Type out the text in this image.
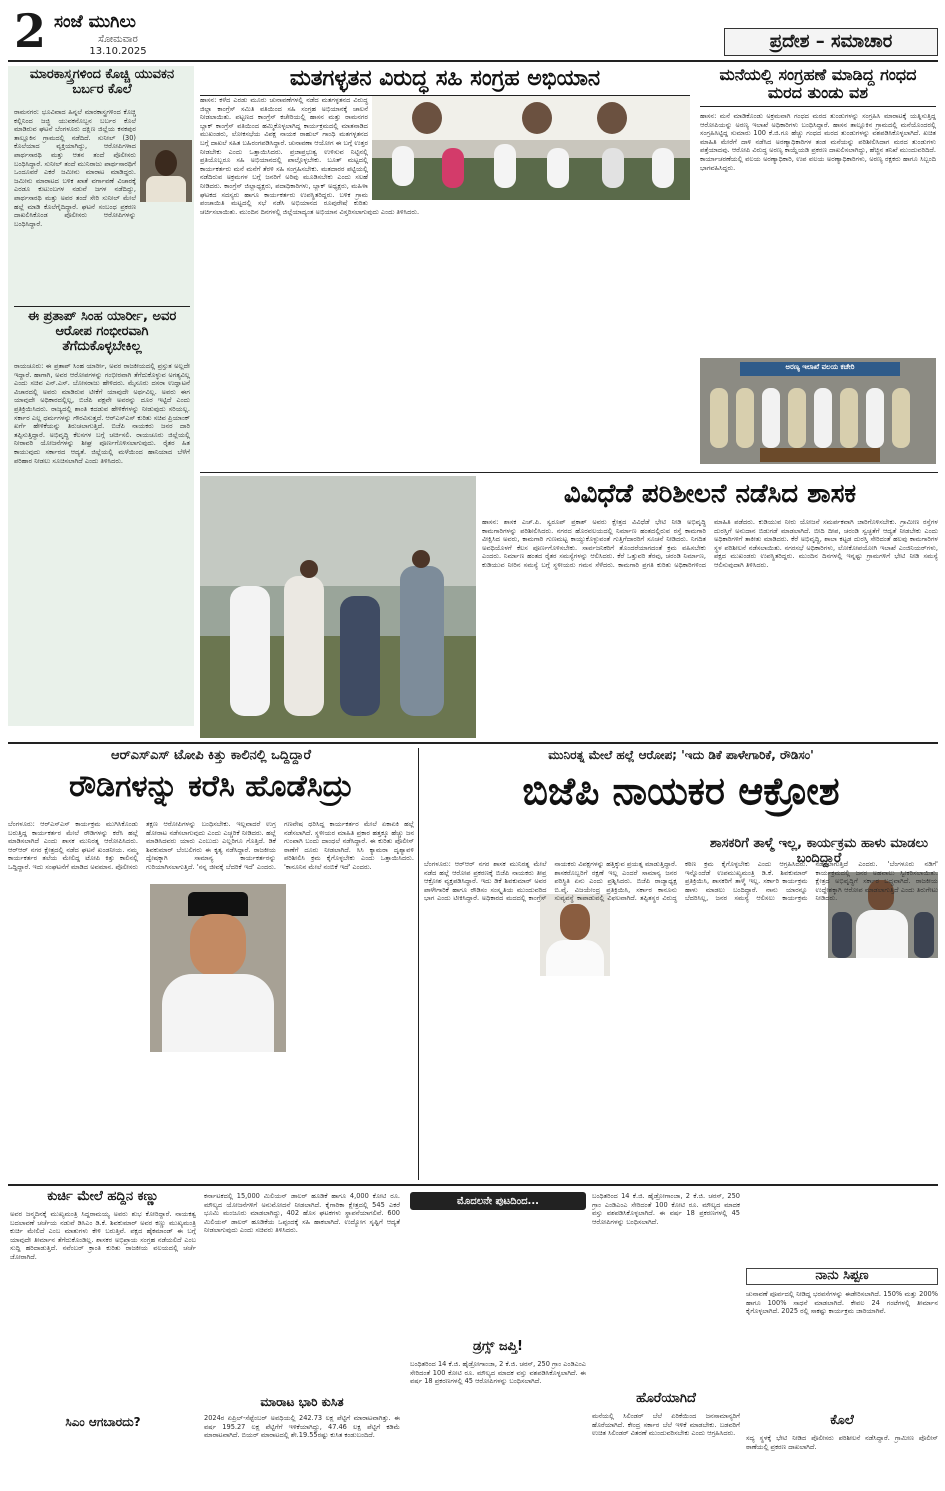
2 ಸಂಜೆ ಮುಗಿಲು
ಸೋಮವಾರ
13.10.2025	ಪ್ರದೇಶ – ಸಮಾಚಾರ
ಮಾರಕಾಸ್ತ್ರಗಳಿಂದ ಕೊಚ್ಚಿ ಯುವಕನ ಬರ್ಬರ ಕೊಲೆ
ರಾಮನಗರ: ಭೂವಿವಾದ ಹಿನ್ನಲೆ ಮಾರಕಾಸ್ತ್ರಗಳಿಂದ ಕೊಚ್ಚಿ ಕಲ್ಲಿನಿಂದ ಜಜ್ಜಿ ಯುವಕನೊಬ್ಬನ ಬರ್ಬರ ಕೊಲೆ ಮಾಡಿರುವ ಘಟನೆ ಬೆಂಗಳೂರು ದಕ್ಷಿಣ ಜಿಲ್ಲೆಯ ಕನಕಪುರ ತಾಲ್ಲೂಕಿನ ಗ್ರಾಮದಲ್ಲಿ ನಡೆದಿದೆ. ಸುನೀಲ್ (30) ಕೊಲೆಯಾದ ವ್ಯಕ್ತಿಯಾಗಿದ್ದು, ಆರೋಪಿಗಳಾದ ಪಾರ್ಥಸಾರಥಿ ಮತ್ತು ಆತನ ತಂದೆ ಪೊಲೀಸರು ಬಂಧಿಸಿದ್ದಾರೆ. ಸುನೀಲ್ ತಂದೆ ಮುನಿರಾಜು ಪಾರ್ಥಸಾರಥಿಗೆ ಒಂದೂವರೆ ಎಕರೆ ಜಮೀನು ಮಾರಾಟ ಮಾಡಿದ್ದರು. ಜಮೀನು ಮಾರಾಟದ ಬಳಿಕ ಖಾತೆ ವರ್ಗಾವಣೆ ವಿಚಾರಕ್ಕೆ ಎರಡೂ ಕುಟುಂಬಗಳ ನಡುವೆ ಜಗಳ ನಡೆದಿದ್ದು, ಪಾರ್ಥಸಾರಥಿ ಮತ್ತು ಅವರ ತಂದೆ ಸೇರಿ ಸುನೀಲ್ ಮೇಲೆ ಹಲ್ಲೆ ಮಾಡಿ ಕೊಲೆಗೈದಿದ್ದಾರೆ. ಘಟನೆ ಸಂಬಂಧ ಪ್ರಕರಣ ದಾಖಲಿಸಿಕೊಂಡ ಪೊಲೀಸರು ಆರೋಪಿಗಳನ್ನು ಬಂಧಿಸಿದ್ದಾರೆ.
ಈ ಪ್ರತಾಪ್ ಸಿಂಹ ಯಾರ್ರೀ, ಅವರ ಆರೋಪ ಗಂಭೀರವಾಗಿ ತೆಗೆದುಕೊಳ್ಳಬೇಕಿಲ್ಲ
ರಾಯಚೂರು: ಈ ಪ್ರತಾಪ್ ಸಿಂಹ ಯಾರ್ರೀ, ಅವರ ರಾಜಕೀಯದಲ್ಲಿ ಪ್ರಸ್ತುತ ಅಲ್ಲದೇ ಇದ್ದಾರೆ. ಹಾಗಾಗಿ, ಅವರ ಆರೋಪಗಳನ್ನು ಗಂಭೀರವಾಗಿ ತೆಗೆದುಕೊಳ್ಳುವ ಅಗತ್ಯವಿಲ್ಲ ಎಂದು ಸಚಿವ ಎನ್.ಎಸ್. ಬೋಸರಾಜು ಹೇಳಿದರು. ಮೈಸೂರು ದಸರಾ ಉದ್ಘಾಟನೆ ವಿಚಾರದಲ್ಲಿ ಅವರು ಮಾಡಿರುವ ಟೀಕೆಗೆ ಯಾವುದೇ ಅರ್ಥವಿಲ್ಲ. ಅವರು ಈಗ ಯಾವುದೇ ಅಧಿಕಾರದಲ್ಲಿಲ್ಲ, ಬಿಜೆಪಿ ಪಕ್ಷವೇ ಅವರನ್ನು ದೂರ ಇಟ್ಟಿದೆ ಎಂದು ಪ್ರತಿಕ್ರಿಯಿಸಿದರು. ರಾಜ್ಯದಲ್ಲಿ ಶಾಂತಿ ಕದಡುವ ಹೇಳಿಕೆಗಳನ್ನು ನೀಡುವುದು ಸರಿಯಲ್ಲ. ಸರ್ಕಾರ ಎಲ್ಲ ಧರ್ಮಗಳನ್ನು ಗೌರವಿಸುತ್ತದೆ. ಆರ್‌ಎಸ್‌ಎಸ್ ಕುರಿತು ಸಚಿವ ಪ್ರಿಯಾಂಕ್ ಖರ್ಗೆ ಹೇಳಿಕೆಯನ್ನು ತಿರುಚಲಾಗುತ್ತಿದೆ. ಬಿಜೆಪಿ ನಾಯಕರು ಜನರ ದಾರಿ ತಪ್ಪಿಸುತ್ತಿದ್ದಾರೆ. ಅಭಿವೃದ್ಧಿ ಕೆಲಸಗಳ ಬಗ್ಗೆ ಚರ್ಚಿಸಲಿ. ರಾಯಚೂರು ಜಿಲ್ಲೆಯಲ್ಲಿ ನೀರಾವರಿ ಯೋಜನೆಗಳನ್ನು ಶೀಘ್ರ ಪೂರ್ಣಗೊಳಿಸಲಾಗುವುದು. ರೈತರ ಹಿತ ಕಾಯುವುದು ಸರ್ಕಾರದ ಆದ್ಯತೆ. ಜಿಲ್ಲೆಯಲ್ಲಿ ಮಳೆಯಿಂದ ಹಾನಿಯಾದ ಬೆಳೆಗೆ ಪರಿಹಾರ ನೀಡಲು ಸೂಚಿಸಲಾಗಿದೆ ಎಂದು ತಿಳಿಸಿದರು.
ಮತಗಳ್ಳತನ ವಿರುದ್ಧ ಸಹಿ ಸಂಗ್ರಹ ಅಭಿಯಾನ
ಹಾಸನ: ಕಳೆದ ಎರಡು ಮೂರು ಚುನಾವಣೆಗಳಲ್ಲಿ ನಡೆದ ಮತಗಳ್ಳತನದ ವಿರುದ್ಧ ಜಿಲ್ಲಾ ಕಾಂಗ್ರೆಸ್ ಸಮಿತಿ ವತಿಯಿಂದ ಸಹಿ ಸಂಗ್ರಹ ಅಭಿಯಾನಕ್ಕೆ ಚಾಲನೆ ನೀಡಲಾಯಿತು. ಪಟ್ಟಣದ ಕಾಂಗ್ರೆಸ್ ಕಚೇರಿಯಲ್ಲಿ ಹಾಸನ ಮತ್ತು ರಾಮನಗರ ಬ್ಲಾಕ್ ಕಾಂಗ್ರೆಸ್ ವತಿಯಿಂದ ಹಮ್ಮಿಕೊಳ್ಳಲಾಗಿದ್ದ ಕಾರ್ಯಕ್ರಮದಲ್ಲಿ ಮಾತನಾಡಿದ ಮುಖಂಡರು, ಲೋಕಸಭೆಯ ವಿಪಕ್ಷ ನಾಯಕ ರಾಹುಲ್ ಗಾಂಧಿ ಮತಗಳ್ಳತನದ ಬಗ್ಗೆ ದಾಖಲೆ ಸಹಿತ ಬಹಿರಂಗಪಡಿಸಿದ್ದಾರೆ. ಚುನಾವಣಾ ಆಯೋಗ ಈ ಬಗ್ಗೆ ಉತ್ತರ ನೀಡಬೇಕು ಎಂದು ಒತ್ತಾಯಿಸಿದರು. ಪ್ರಜಾಪ್ರಭುತ್ವ ಉಳಿಸುವ ನಿಟ್ಟಿನಲ್ಲಿ ಪ್ರತಿಯೊಬ್ಬರೂ ಸಹಿ ಅಭಿಯಾನದಲ್ಲಿ ಪಾಲ್ಗೊಳ್ಳಬೇಕು. ಬೂತ್ ಮಟ್ಟದಲ್ಲಿ ಕಾರ್ಯಕರ್ತರು ಮನೆ ಮನೆಗೆ ತೆರಳಿ ಸಹಿ ಸಂಗ್ರಹಿಸಬೇಕು. ಮತದಾರರ ಪಟ್ಟಿಯಲ್ಲಿ ನಡೆದಿರುವ ಅಕ್ರಮಗಳ ಬಗ್ಗೆ ಜನರಿಗೆ ಅರಿವು ಮೂಡಿಸಬೇಕು ಎಂದು ಸಲಹೆ ನೀಡಿದರು. ಕಾಂಗ್ರೆಸ್ ಜಿಲ್ಲಾಧ್ಯಕ್ಷರು, ಪದಾಧಿಕಾರಿಗಳು, ಬ್ಲಾಕ್ ಅಧ್ಯಕ್ಷರು, ಮಹಿಳಾ ಘಟಕದ ಸದಸ್ಯರು ಹಾಗೂ ಕಾರ್ಯಕರ್ತರು ಉಪಸ್ಥಿತರಿದ್ದರು. ಬಳಿಕ ಗ್ರಾಮ ಪಂಚಾಯಿತಿ ಮಟ್ಟದಲ್ಲಿ ಸಭೆ ನಡೆಸಿ ಅಭಿಯಾನದ ರೂಪುರೇಷೆ ಕುರಿತು ಚರ್ಚಿಸಲಾಯಿತು. ಮುಂದಿನ ದಿನಗಳಲ್ಲಿ ಜಿಲ್ಲೆಯಾದ್ಯಂತ ಅಭಿಯಾನ ವಿಸ್ತರಿಸಲಾಗುವುದು ಎಂದು ತಿಳಿಸಿದರು.
ಮನೆಯಲ್ಲಿ ಸಂಗ್ರಹಣೆ ಮಾಡಿದ್ದ ಗಂಧದ ಮರದ ತುಂಡು ವಶ
ಹಾಸನ: ಮನೆ ಮಾಡಿಕೊಂಡು ಅಕ್ರಮವಾಗಿ ಗಂಧದ ಮರದ ತುಂಡುಗಳನ್ನು ಸಂಗ್ರಹಿಸಿ ಮಾರಾಟಕ್ಕೆ ಯತ್ನಿಸುತ್ತಿದ್ದ ಆರೋಪಿಯನ್ನು ಅರಣ್ಯ ಇಲಾಖೆ ಅಧಿಕಾರಿಗಳು ಬಂಧಿಸಿದ್ದಾರೆ. ಹಾಸನ ತಾಲ್ಲೂಕಿನ ಗ್ರಾಮದಲ್ಲಿ ಮನೆಯೊಂದರಲ್ಲಿ ಸಂಗ್ರಹಿಸಿಟ್ಟಿದ್ದ ಸುಮಾರು 100 ಕೆ.ಜಿ.ಗೂ ಹೆಚ್ಚು ಗಂಧದ ಮರದ ತುಂಡುಗಳನ್ನು ವಶಪಡಿಸಿಕೊಳ್ಳಲಾಗಿದೆ. ಖಚಿತ ಮಾಹಿತಿ ಮೇರೆಗೆ ದಾಳಿ ನಡೆಸಿದ ಅರಣ್ಯಾಧಿಕಾರಿಗಳ ತಂಡ ಮನೆಯನ್ನು ಪರಿಶೀಲಿಸಿದಾಗ ಮರದ ತುಂಡುಗಳು ಪತ್ತೆಯಾದವು. ಆರೋಪಿ ವಿರುದ್ಧ ಅರಣ್ಯ ಕಾಯ್ದೆಯಡಿ ಪ್ರಕರಣ ದಾಖಲಿಸಲಾಗಿದ್ದು, ಹೆಚ್ಚಿನ ತನಿಖೆ ಮುಂದುವರಿದಿದೆ. ಕಾರ್ಯಾಚರಣೆಯಲ್ಲಿ ವಲಯ ಅರಣ್ಯಾಧಿಕಾರಿ, ಉಪ ವಲಯ ಅರಣ್ಯಾಧಿಕಾರಿಗಳು, ಅರಣ್ಯ ರಕ್ಷಕರು ಹಾಗೂ ಸಿಬ್ಬಂದಿ ಭಾಗವಹಿಸಿದ್ದರು.
ಅರಣ್ಯ ಇಲಾಖೆ ವಲಯ ಕಚೇರಿ
ವಿವಿಧೆಡೆ ಪರಿಶೀಲನೆ ನಡೆಸಿದ ಶಾಸಕ
ಹಾಸನ: ಶಾಸಕ ಎಚ್.ಪಿ. ಸ್ವರೂಪ್ ಪ್ರಕಾಶ್ ಅವರು ಕ್ಷೇತ್ರದ ವಿವಿಧೆಡೆ ಭೇಟಿ ನೀಡಿ ಅಭಿವೃದ್ಧಿ ಕಾಮಗಾರಿಗಳನ್ನು ಪರಿಶೀಲಿಸಿದರು. ನಗರದ ಹೊರವಲಯದಲ್ಲಿ ನಿರ್ಮಾಣ ಹಂತದಲ್ಲಿರುವ ರಸ್ತೆ ಕಾಮಗಾರಿ ವೀಕ್ಷಿಸಿದ ಅವರು, ಕಾಮಗಾರಿ ಗುಣಮಟ್ಟ ಕಾಯ್ದುಕೊಳ್ಳುವಂತೆ ಗುತ್ತಿಗೆದಾರರಿಗೆ ಸೂಚನೆ ನೀಡಿದರು. ನಿಗದಿತ ಅವಧಿಯೊಳಗೆ ಕೆಲಸ ಪೂರ್ಣಗೊಳಿಸಬೇಕು. ಸಾರ್ವಜನಿಕರಿಗೆ ತೊಂದರೆಯಾಗದಂತೆ ಕ್ರಮ ವಹಿಸಬೇಕು ಎಂದರು. ನಿರ್ಮಾಣ ಹಂತದ ರೈತರ ಸಮಸ್ಯೆಗಳನ್ನು ಆಲಿಸಿದರು. ಕೆರೆ ಒತ್ತುವರಿ ತೆರವು, ಚರಂಡಿ ನಿರ್ಮಾಣ, ಕುಡಿಯುವ ನೀರಿನ ಸಮಸ್ಯೆ ಬಗ್ಗೆ ಸ್ಥಳೀಯರು ಗಮನ ಸೆಳೆದರು. ಕಾಮಗಾರಿ ಪ್ರಗತಿ ಕುರಿತು ಅಧಿಕಾರಿಗಳಿಂದ ಮಾಹಿತಿ ಪಡೆದರು. ಕುಡಿಯುವ ನೀರು ಯೋಜನೆ ಸಮರ್ಪಕವಾಗಿ ಜಾರಿಗೊಳಿಸಬೇಕು. ಗ್ರಾಮೀಣ ರಸ್ತೆಗಳ ದುರಸ್ತಿಗೆ ಅನುದಾನ ಬಿಡುಗಡೆ ಮಾಡಲಾಗಿದೆ. ಬೀದಿ ದೀಪ, ಚರಂಡಿ ಸ್ವಚ್ಛತೆಗೆ ಆದ್ಯತೆ ನೀಡಬೇಕು ಎಂದು ಅಧಿಕಾರಿಗಳಿಗೆ ತಾಕೀತು ಮಾಡಿದರು. ಕೆರೆ ಅಭಿವೃದ್ಧಿ, ಶಾಲಾ ಕಟ್ಟಡ ದುರಸ್ತಿ ಸೇರಿದಂತೆ ಹಲವು ಕಾಮಗಾರಿಗಳ ಸ್ಥಳ ಪರಿಶೀಲನೆ ನಡೆಸಲಾಯಿತು. ನಗರಸಭೆ ಅಧಿಕಾರಿಗಳು, ಲೋಕೋಪಯೋಗಿ ಇಲಾಖೆ ಎಂಜಿನಿಯರ್‌ಗಳು, ಪಕ್ಷದ ಮುಖಂಡರು ಉಪಸ್ಥಿತರಿದ್ದರು. ಮುಂದಿನ ದಿನಗಳಲ್ಲಿ ಇನ್ನಷ್ಟು ಗ್ರಾಮಗಳಿಗೆ ಭೇಟಿ ನೀಡಿ ಸಮಸ್ಯೆ ಆಲಿಸುವುದಾಗಿ ತಿಳಿಸಿದರು.
ಆರ್‌ಎಸ್‌ಎಸ್ ಟೋಪಿ ಕಿತ್ತು ಕಾಲಿನಲ್ಲಿ ಒದ್ದಿದ್ದಾರೆ
ರೌಡಿಗಳನ್ನು ಕರೆಸಿ ಹೊಡೆಸಿದ್ರು
ಬೆಂಗಳೂರು: ಆರ್‌ಎಸ್‌ಎಸ್ ಕಾರ್ಯಕ್ರಮ ಮುಗಿಸಿಕೊಂಡು ಬರುತ್ತಿದ್ದ ಕಾರ್ಯಕರ್ತರ ಮೇಲೆ ರೌಡಿಗಳನ್ನು ಕರೆಸಿ ಹಲ್ಲೆ ಮಾಡಿಸಲಾಗಿದೆ ಎಂದು ಶಾಸಕ ಮುನಿರತ್ನ ಆರೋಪಿಸಿದರು. ಆರ್‌ಆರ್ ನಗರ ಕ್ಷೇತ್ರದಲ್ಲಿ ನಡೆದ ಘಟನೆ ಖಂಡನೀಯ. ನಮ್ಮ ಕಾರ್ಯಕರ್ತರ ತಲೆಯ ಮೇಲಿದ್ದ ಟೋಪಿ ಕಿತ್ತು ಕಾಲಿನಲ್ಲಿ ಒದ್ದಿದ್ದಾರೆ. ಇದು ಸಂಘಟನೆಗೆ ಮಾಡಿದ ಅವಮಾನ. ಪೊಲೀಸರು ತಕ್ಷಣ ಆರೋಪಿಗಳನ್ನು ಬಂಧಿಸಬೇಕು. ಇಲ್ಲವಾದರೆ ಉಗ್ರ ಹೋರಾಟ ನಡೆಸಲಾಗುವುದು ಎಂದು ಎಚ್ಚರಿಕೆ ನೀಡಿದರು. ಹಲ್ಲೆ ಮಾಡಿಸಿದವರು ಯಾರು ಎಂಬುದು ಎಲ್ಲರಿಗೂ ಗೊತ್ತಿದೆ. ಡಿಕೆ ಶಿವಕುಮಾರ್ ಬೆಂಬಲಿಗರು ಈ ಕೃತ್ಯ ನಡೆಸಿದ್ದಾರೆ. ರಾಜಕೀಯ ದ್ವೇಷಕ್ಕಾಗಿ ಸಾಮಾನ್ಯ ಕಾರ್ಯಕರ್ತರನ್ನು ಗುರಿಯಾಗಿಸಲಾಗುತ್ತಿದೆ. 'ನನ್ನ ಜೀವಕ್ಕೆ ಬೆದರಿಕೆ ಇದೆ' ಎಂದರು. ಗಣವೇಷ ಧರಿಸಿದ್ದ ಕಾರ್ಯಕರ್ತರ ಮೇಲೆ ಏಕಾಏಕಿ ಹಲ್ಲೆ ನಡೆಸಲಾಗಿದೆ. ಸ್ಥಳೀಯರ ಮಾಹಿತಿ ಪ್ರಕಾರ ಹತ್ತಕ್ಕೂ ಹೆಚ್ಚು ಜನ ಗುಂಪಾಗಿ ಬಂದು ದಾಂಧಲೆ ನಡೆಸಿದ್ದಾರೆ. ಈ ಕುರಿತು ಪೊಲೀಸ್ ಠಾಣೆಗೆ ದೂರು ನೀಡಲಾಗಿದೆ. ಸಿಸಿ ಕ್ಯಾಮರಾ ದೃಶ್ಯಾವಳಿ ಪರಿಶೀಲಿಸಿ ಕ್ರಮ ಕೈಗೊಳ್ಳಬೇಕು ಎಂದು ಒತ್ತಾಯಿಸಿದರು. 'ಕಾನೂನಿನ ಮೇಲೆ ನಂಬಿಕೆ ಇದೆ' ಎಂದರು.
ಮುನಿರತ್ನ ಮೇಲೆ ಹಲ್ಲೆ ಆರೋಪ; 'ಇದು ಡಿಕೆ ಪಾಳೇಗಾರಿಕೆ, ರೌಡಿಸಂ'
ಬಿಜೆಪಿ ನಾಯಕರ ಆಕ್ರೋಶ
ಶಾಸಕರಿಗೆ ತಾಳ್ಮೆ ಇಲ್ಲ, ಕಾರ್ಯಕ್ರಮ ಹಾಳು ಮಾಡಲು ಬಂದಿದ್ದಾರೆ
ಬೆಂಗಳೂರು: ಆರ್‌ಆರ್ ನಗರ ಶಾಸಕ ಮುನಿರತ್ನ ಮೇಲೆ ನಡೆದ ಹಲ್ಲೆ ಆರೋಪ ಪ್ರಕರಣಕ್ಕೆ ಬಿಜೆಪಿ ನಾಯಕರು ತೀವ್ರ ಆಕ್ರೋಶ ವ್ಯಕ್ತಪಡಿಸಿದ್ದಾರೆ. ಇದು ಡಿಕೆ ಶಿವಕುಮಾರ್ ಅವರ ಪಾಳೇಗಾರಿಕೆ ಹಾಗೂ ರೌಡಿಸಂ ಸಂಸ್ಕೃತಿಯ ಮುಂದುವರಿದ ಭಾಗ ಎಂದು ಟೀಕಿಸಿದ್ದಾರೆ. ಅಧಿಕಾರದ ಮದದಲ್ಲಿ ಕಾಂಗ್ರೆಸ್ ನಾಯಕರು ವಿಪಕ್ಷಗಳನ್ನು ಹತ್ತಿಕ್ಕುವ ಪ್ರಯತ್ನ ಮಾಡುತ್ತಿದ್ದಾರೆ. ಶಾಸಕರೊಬ್ಬರಿಗೆ ರಕ್ಷಣೆ ಇಲ್ಲ ಎಂದರೆ ಸಾಮಾನ್ಯ ಜನರ ಪರಿಸ್ಥಿತಿ ಏನು ಎಂದು ಪ್ರಶ್ನಿಸಿದರು. ಬಿಜೆಪಿ ರಾಜ್ಯಾಧ್ಯಕ್ಷ ಬಿ.ವೈ. ವಿಜಯೇಂದ್ರ ಪ್ರತಿಕ್ರಿಯಿಸಿ, ಸರ್ಕಾರ ಕಾನೂನು ಸುವ್ಯವಸ್ಥೆ ಕಾಪಾಡುವಲ್ಲಿ ವಿಫಲವಾಗಿದೆ. ತಪ್ಪಿತಸ್ಥರ ವಿರುದ್ಧ ಕಠಿಣ ಕ್ರಮ ಕೈಗೊಳ್ಳಬೇಕು ಎಂದು ಆಗ್ರಹಿಸಿದರು. ಇನ್ನೊಂದೆಡೆ ಉಪಮುಖ್ಯಮಂತ್ರಿ ಡಿ.ಕೆ. ಶಿವಕುಮಾರ್ ಪ್ರತಿಕ್ರಿಯಿಸಿ, ಶಾಸಕರಿಗೆ ತಾಳ್ಮೆ ಇಲ್ಲ. ಸರ್ಕಾರಿ ಕಾರ್ಯಕ್ರಮ ಹಾಳು ಮಾಡಲು ಬಂದಿದ್ದಾರೆ. ನಾನು ಯಾರನ್ನೂ ಬೆದರಿಸಿಲ್ಲ, ಜನರ ಸಮಸ್ಯೆ ಆಲಿಸಲು ಕಾರ್ಯಕ್ರಮ ನಡೆಸಲಾಗುತ್ತಿದೆ ಎಂದರು. 'ಬೆಂಗಳೂರು ನಡಿಗೆ' ಕಾರ್ಯಕ್ರಮದಲ್ಲಿ ಜನರ ಅಹವಾಲು ಸ್ವೀಕರಿಸಲಾಯಿತು. ಕ್ಷೇತ್ರದ ಅಭಿವೃದ್ಧಿಗೆ ಸರ್ಕಾರ ಬದ್ಧವಾಗಿದೆ. ರಾಜಕೀಯ ಉದ್ದೇಶಕ್ಕಾಗಿ ಆರೋಪ ಮಾಡಲಾಗುತ್ತಿದೆ ಎಂದು ತಿರುಗೇಟು ನೀಡಿದರು.
ಕುರ್ಚಿ ಮೇಲೆ ಹದ್ದಿನ ಕಣ್ಣು
ಅವರ ಜನ್ಮದಿನಕ್ಕೆ ಮುಖ್ಯಮಂತ್ರಿ ಸಿದ್ದರಾಮಯ್ಯ ಅವರು ಶುಭ ಕೋರಿದ್ದಾರೆ. ನಾಯಕತ್ವ ಬದಲಾವಣೆ ಚರ್ಚೆಯ ನಡುವೆ ಡಿಸಿಎಂ ಡಿ.ಕೆ. ಶಿವಕುಮಾರ್ ಅವರ ಕಣ್ಣು ಮುಖ್ಯಮಂತ್ರಿ ಕುರ್ಚಿ ಮೇಲಿದೆ ಎಂಬ ಮಾತುಗಳು ಕೇಳಿ ಬರುತ್ತಿವೆ. ಪಕ್ಷದ ಹೈಕಮಾಂಡ್ ಈ ಬಗ್ಗೆ ಯಾವುದೇ ತೀರ್ಮಾನ ತೆಗೆದುಕೊಂಡಿಲ್ಲ. ಶಾಸಕರ ಅಭಿಪ್ರಾಯ ಸಂಗ್ರಹ ನಡೆಯಲಿದೆ ಎಂಬ ಸುದ್ದಿ ಹರಿದಾಡುತ್ತಿದೆ. ನವೆಂಬರ್ ಕ್ರಾಂತಿ ಕುರಿತು ರಾಜಕೀಯ ವಲಯದಲ್ಲಿ ಚರ್ಚೆ ಜೋರಾಗಿದೆ.
ಸಿಎಂ ಆಗಬಾರದು?
ಕರ್ನಾಟಕದಲ್ಲಿ 15,000 ಮಿಲಿಯನ್ ಡಾಲರ್ ಹೂಡಿಕೆ ಹಾಗೂ 4,000 ಕೋಟಿ ರೂ. ಮೌಲ್ಯದ ಯೋಜನೆಗಳಿಗೆ ಅನುಮೋದನೆ ನೀಡಲಾಗಿದೆ. ಕೈಗಾರಿಕಾ ಕ್ಷೇತ್ರದಲ್ಲಿ 545 ಎಕರೆ ಭೂಮಿ ಮಂಜೂರು ಮಾಡಲಾಗಿದ್ದು, 402 ಹೊಸ ಘಟಕಗಳು ಸ್ಥಾಪನೆಯಾಗಲಿವೆ. 600 ಮಿಲಿಯನ್ ಡಾಲರ್ ಹೂಡಿಕೆಯ ಒಪ್ಪಂದಕ್ಕೆ ಸಹಿ ಹಾಕಲಾಗಿದೆ. ಉದ್ಯೋಗ ಸೃಷ್ಟಿಗೆ ಆದ್ಯತೆ ನೀಡಲಾಗುವುದು ಎಂದು ಸಚಿವರು ತಿಳಿಸಿದರು.
ಮಾರಾಟ ಭಾರಿ ಕುಸಿತ
2024ರ ಏಪ್ರಿಲ್-ಸೆಪ್ಟೆಂಬರ್ ಅವಧಿಯಲ್ಲಿ 242.73 ಲಕ್ಷ ಪೆಟ್ಟಿಗೆ ಮಾರಾಟವಾಗಿತ್ತು. ಈ ವರ್ಷ 195.27 ಲಕ್ಷ ಪೆಟ್ಟಿಗೆಗೆ ಇಳಿಕೆಯಾಗಿದ್ದು, 47.46 ಲಕ್ಷ ಪೆಟ್ಟಿಗೆ ಕಡಿಮೆ ಮಾರಾಟವಾಗಿದೆ. ಬಿಯರ್ ಮಾರಾಟದಲ್ಲಿ ಶೇ.19.55ರಷ್ಟು ಕುಸಿತ ಕಂಡುಬಂದಿದೆ.
ಮೊದಲನೇ ಪುಟದಿಂದ...
ಡ್ರಗ್ಸ್ ಜಪ್ತಿ!
ಬಂಧಿತರಿಂದ 14 ಕೆ.ಜಿ. ಹೈಡ್ರೋಗಾಂಜಾ, 2 ಕೆ.ಜಿ. ಚರಸ್, 250 ಗ್ರಾಂ ಎಂಡಿಎಂಎ ಸೇರಿದಂತೆ 100 ಕೋಟಿ ರೂ. ಮೌಲ್ಯದ ಮಾದಕ ವಸ್ತು ವಶಪಡಿಸಿಕೊಳ್ಳಲಾಗಿದೆ. ಈ ವರ್ಷ 18 ಪ್ರಕರಣಗಳಲ್ಲಿ 45 ಆರೋಪಿಗಳನ್ನು ಬಂಧಿಸಲಾಗಿದೆ.
ಬಂಧಿತರಿಂದ 14 ಕೆ.ಜಿ. ಹೈಡ್ರೋಗಾಂಜಾ, 2 ಕೆ.ಜಿ. ಚರಸ್, 250 ಗ್ರಾಂ ಎಂಡಿಎಂಎ ಸೇರಿದಂತೆ 100 ಕೋಟಿ ರೂ. ಮೌಲ್ಯದ ಮಾದಕ ವಸ್ತು ವಶಪಡಿಸಿಕೊಳ್ಳಲಾಗಿದೆ. ಈ ವರ್ಷ 18 ಪ್ರಕರಣಗಳಲ್ಲಿ 45 ಆರೋಪಿಗಳನ್ನು ಬಂಧಿಸಲಾಗಿದೆ.
ಹೊರೆಯಾಗಿದೆ
ಮನೆಯಲ್ಲಿ ಸಿಲಿಂಡರ್ ಬೆಲೆ ಏರಿಕೆಯಿಂದ ಜನಸಾಮಾನ್ಯರಿಗೆ ಹೊರೆಯಾಗಿದೆ. ಕೇಂದ್ರ ಸರ್ಕಾರ ಬೆಲೆ ಇಳಿಕೆ ಮಾಡಬೇಕು. ಬಡವರಿಗೆ ಉಚಿತ ಸಿಲಿಂಡರ್ ವಿತರಣೆ ಮುಂದುವರಿಸಬೇಕು ಎಂದು ಆಗ್ರಹಿಸಿದರು.
ನಾನು ಸಿಪ್ಪಣ
ಚುನಾವಣೆ ಪೂರ್ವದಲ್ಲಿ ನೀಡಿದ್ದ ಭರವಸೆಗಳನ್ನು ಈಡೇರಿಸಲಾಗಿದೆ. 150% ಮತ್ತು 200% ಹಾಗೂ 100% ಸಾಧನೆ ಮಾಡಲಾಗಿದೆ. ಕೇವಲ 24 ಗಂಟೆಗಳಲ್ಲಿ ತೀರ್ಮಾನ ಕೈಗೊಳ್ಳಲಾಗಿದೆ. 2025 ರಲ್ಲಿ ಸಾಕಷ್ಟು ಕಾರ್ಯಕ್ರಮ ಜಾರಿಯಾಗಿವೆ.
ಕೊಲೆ
ಸದ್ಯ ಸ್ಥಳಕ್ಕೆ ಭೇಟಿ ನೀಡಿದ ಪೊಲೀಸರು ಪರಿಶೀಲನೆ ನಡೆಸಿದ್ದಾರೆ. ಗ್ರಾಮೀಣ ಪೊಲೀಸ್ ಠಾಣೆಯಲ್ಲಿ ಪ್ರಕರಣ ದಾಖಲಾಗಿದೆ.
